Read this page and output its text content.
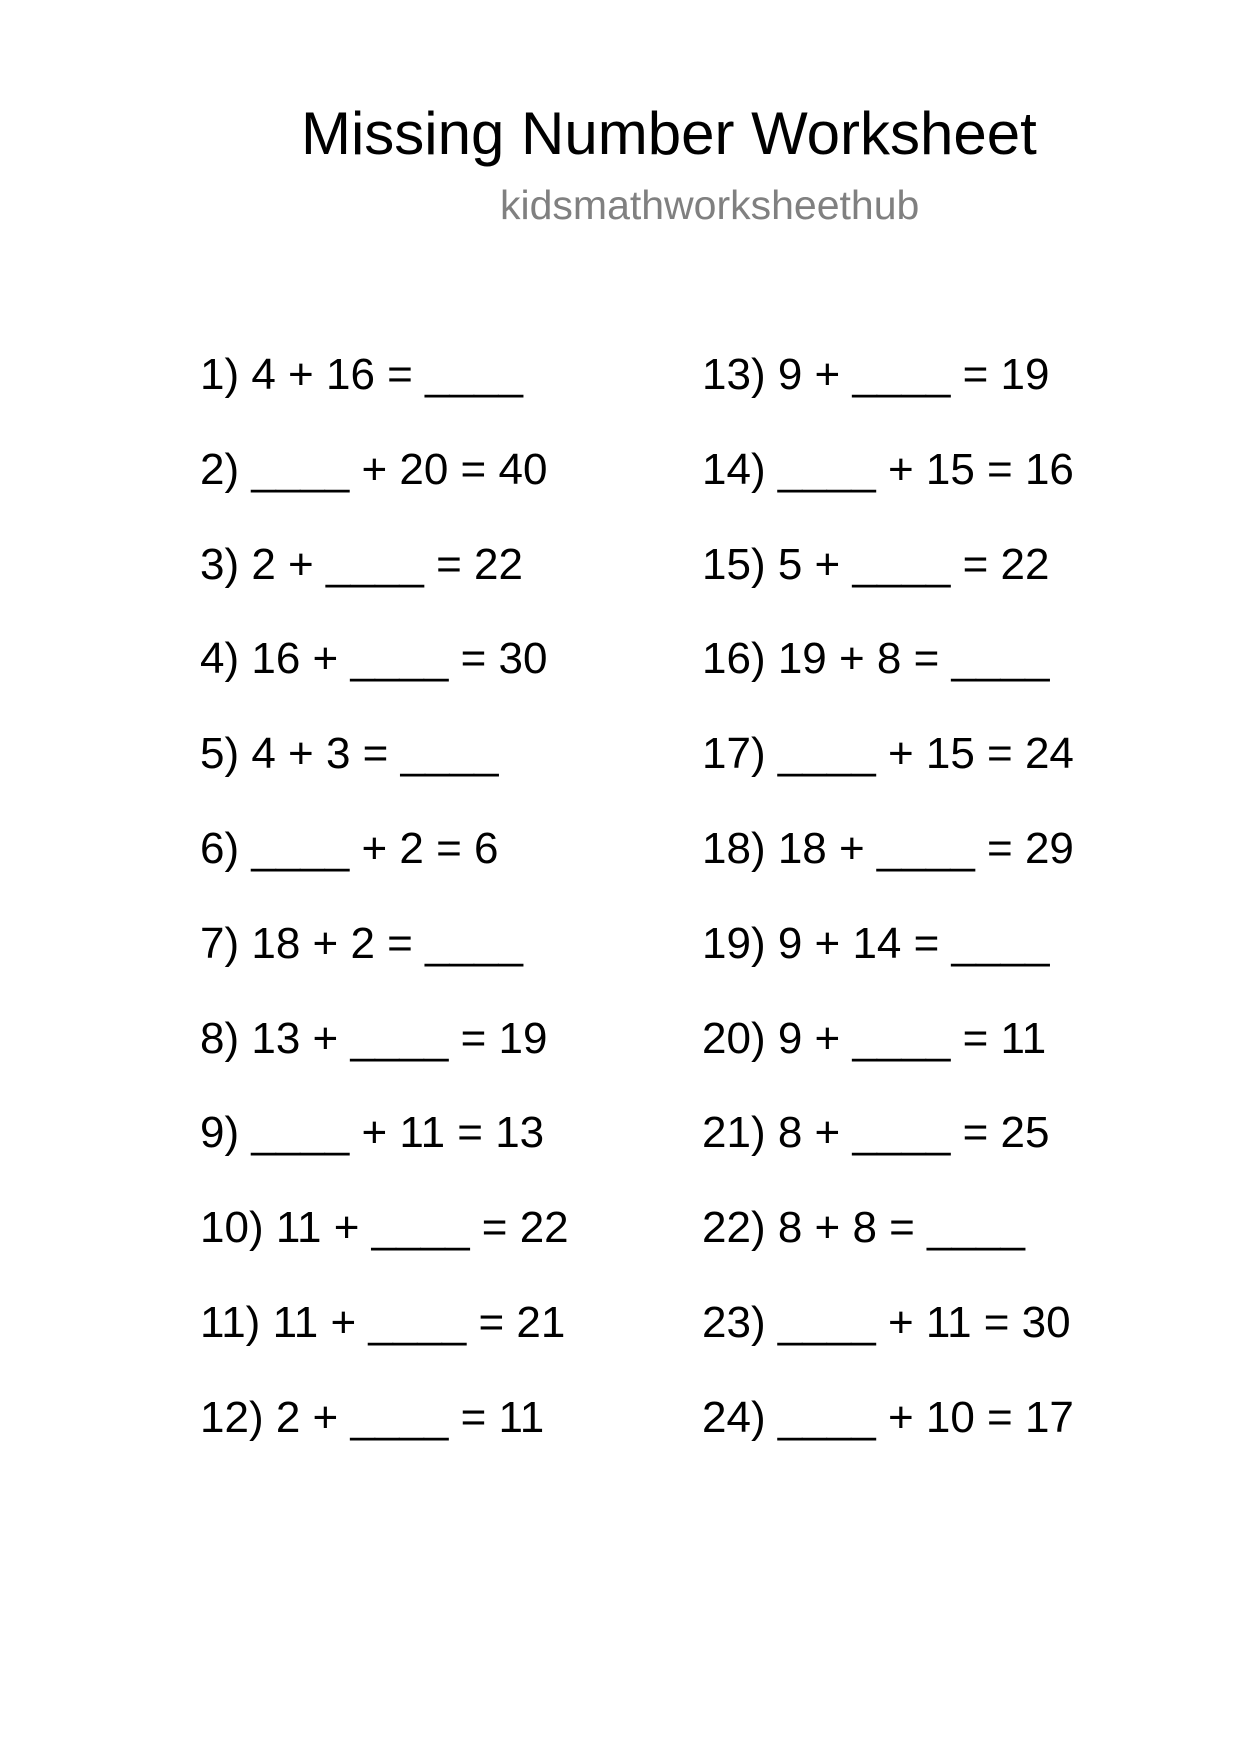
Missing Number Worksheet
kidsmathworksheethub
1) 4 + 16 = ____
2) ____ + 20 = 40
3) 2 + ____ = 22
4) 16 + ____ = 30
5) 4 + 3 = ____
6) ____ + 2 = 6
7) 18 + 2 = ____
8) 13 + ____ = 19
9) ____ + 11 = 13
10) 11 + ____ = 22
11) 11 + ____ = 21
12) 2 + ____ = 11
13) 9 + ____ = 19
14) ____ + 15 = 16
15) 5 + ____ = 22
16) 19 + 8 = ____
17) ____ + 15 = 24
18) 18 + ____ = 29
19) 9 + 14 = ____
20) 9 + ____ = 11
21) 8 + ____ = 25
22) 8 + 8 = ____
23) ____ + 11 = 30
24) ____ + 10 = 17
